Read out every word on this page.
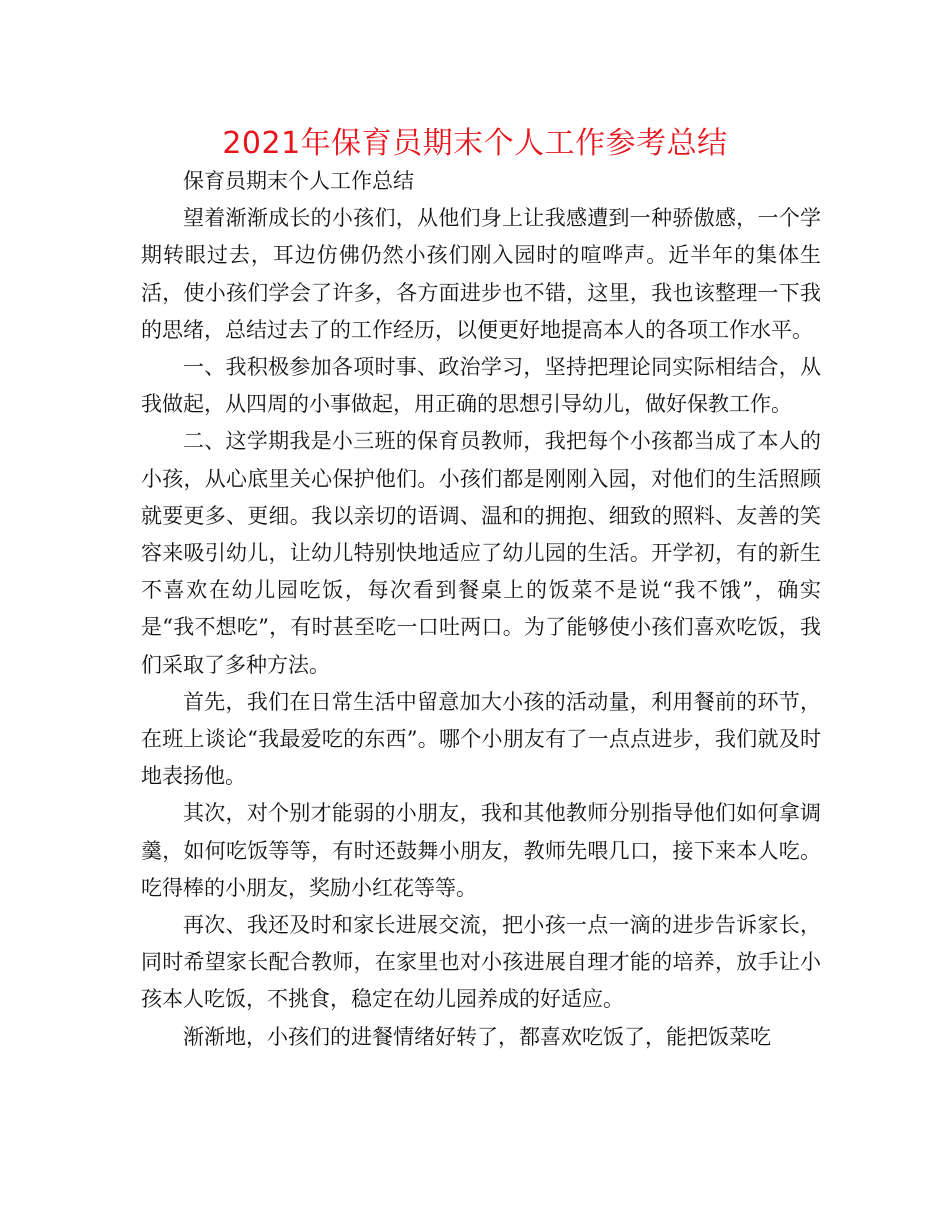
2021年保育员期末个人工作参考总结

保育员期末个人工作总结

望着渐渐成长的小孩们，从他们身上让我感遭到一种骄傲感，一个学期转眼过去，耳边仿佛仍然小孩们刚入园时的喧哗声。近半年的集体生活，使小孩们学会了许多，各方面进步也不错，这里，我也该整理一下我的思绪，总结过去了的工作经历，以便更好地提高本人的各项工作水平。

一、我积极参加各项时事、政治学习，坚持把理论同实际相结合，从我做起，从四周的小事做起，用正确的思想引导幼儿，做好保教工作。

二、这学期我是小三班的保育员教师，我把每个小孩都当成了本人的小孩，从心底里关心保护他们。小孩们都是刚刚入园，对他们的生活照顾就要更多、更细。我以亲切的语调、温和的拥抱、细致的照料、友善的笑容来吸引幼儿，让幼儿特别快地适应了幼儿园的生活。开学初，有的新生不喜欢在幼儿园吃饭，每次看到餐桌上的饭菜不是说“我不饿”，确实是“我不想吃”，有时甚至吃一口吐两口。为了能够使小孩们喜欢吃饭，我们采取了多种方法。

首先，我们在日常生活中留意加大小孩的活动量，利用餐前的环节，在班上谈论“我最爱吃的东西”。哪个小朋友有了一点点进步，我们就及时地表扬他。

其次，对个别才能弱的小朋友，我和其他教师分别指导他们如何拿调羹，如何吃饭等等，有时还鼓舞小朋友，教师先喂几口，接下来本人吃。吃得棒的小朋友，奖励小红花等等。

再次、我还及时和家长进展交流，把小孩一点一滴的进步告诉家长，同时希望家长配合教师，在家里也对小孩进展自理才能的培养，放手让小孩本人吃饭，不挑食，稳定在幼儿园养成的好适应。

渐渐地，小孩们的进餐情绪好转了，都喜欢吃饭了，能把饭菜吃
